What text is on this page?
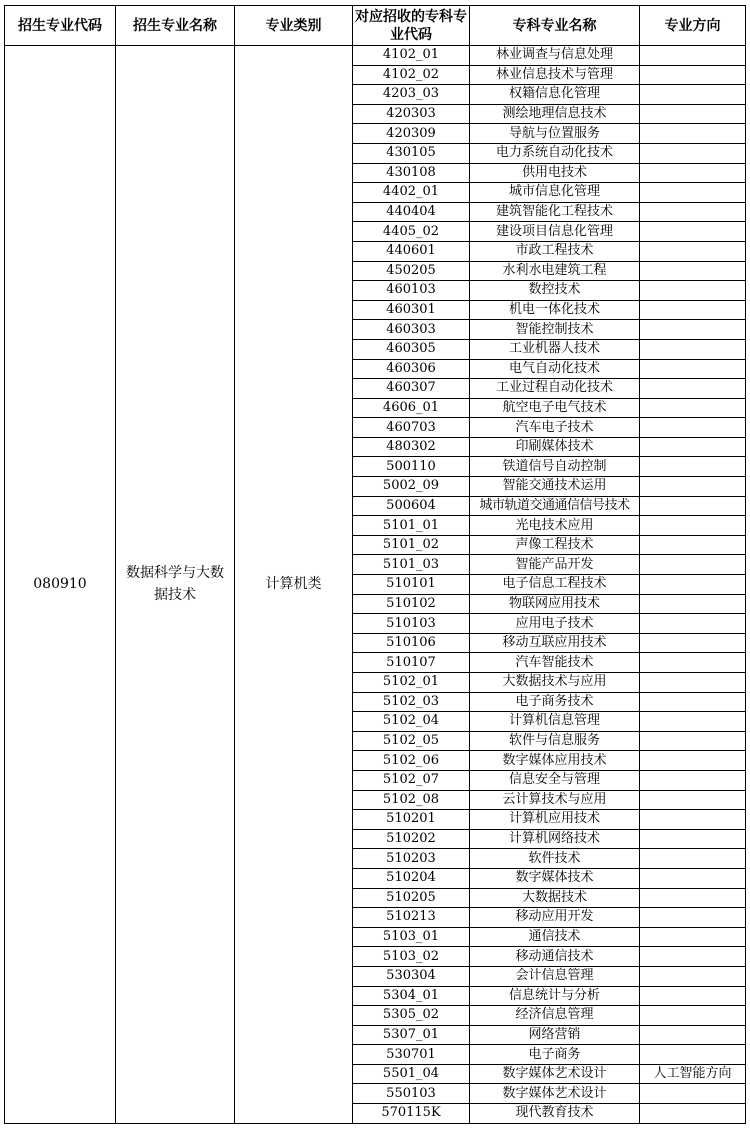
招生专业代码	招生专业名称	专业类别	对应招收的专科专业代码	专科专业名称	专业方向
080910	数据科学与大数据技术	计算机类	4102_01	林业调查与信息处理	
			4102_02	林业信息技术与管理	
			4203_03	权籍信息化管理	
			420303	测绘地理信息技术	
			420309	导航与位置服务	
			430105	电力系统自动化技术	
			430108	供用电技术	
			4402_01	城市信息化管理	
			440404	建筑智能化工程技术	
			4405_02	建设项目信息化管理	
			440601	市政工程技术	
			450205	水利水电建筑工程	
			460103	数控技术	
			460301	机电一体化技术	
			460303	智能控制技术	
			460305	工业机器人技术	
			460306	电气自动化技术	
			460307	工业过程自动化技术	
			4606_01	航空电子电气技术	
			460703	汽车电子技术	
			480302	印刷媒体技术	
			500110	铁道信号自动控制	
			5002_09	智能交通技术运用	
			500604	城市轨道交通通信信号技术	
			5101_01	光电技术应用	
			5101_02	声像工程技术	
			5101_03	智能产品开发	
			510101	电子信息工程技术	
			510102	物联网应用技术	
			510103	应用电子技术	
			510106	移动互联应用技术	
			510107	汽车智能技术	
			5102_01	大数据技术与应用	
			5102_03	电子商务技术	
			5102_04	计算机信息管理	
			5102_05	软件与信息服务	
			5102_06	数字媒体应用技术	
			5102_07	信息安全与管理	
			5102_08	云计算技术与应用	
			510201	计算机应用技术	
			510202	计算机网络技术	
			510203	软件技术	
			510204	数字媒体技术	
			510205	大数据技术	
			510213	移动应用开发	
			5103_01	通信技术	
			5103_02	移动通信技术	
			530304	会计信息管理	
			5304_01	信息统计与分析	
			5305_02	经济信息管理	
			5307_01	网络营销	
			530701	电子商务	
			5501_04	数字媒体艺术设计	人工智能方向
			550103	数字媒体艺术设计	
			570115K	现代教育技术	
